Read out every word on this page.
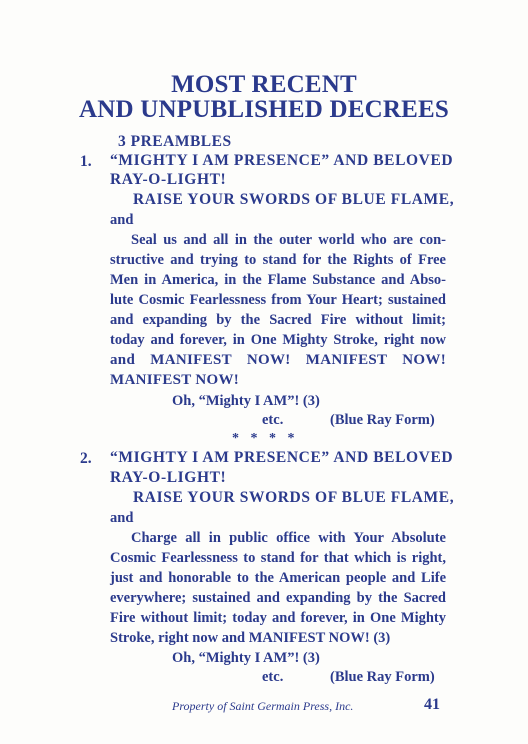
MOST RECENT
AND UNPUBLISHED DECREES
3 PREAMBLES
1. “MIGHTY I AM PRESENCE” AND BELOVED
RAY-O-LIGHT!
RAISE YOUR SWORDS OF BLUE FLAME,
and
Seal us and all in the outer world who are con-
structive and trying to stand for the Rights of Free
Men in America, in the Flame Substance and Abso-
lute Cosmic Fearlessness from Your Heart; sustained
and expanding by the Sacred Fire without limit;
today and forever, in One Mighty Stroke, right now
and MANIFEST NOW! MANIFEST NOW!
MANIFEST NOW!
Oh, “Mighty I AM”! (3)
etc.	(Blue Ray Form)
* * * *
2. “MIGHTY I AM PRESENCE” AND BELOVED
RAY-O-LIGHT!
RAISE YOUR SWORDS OF BLUE FLAME,
and
Charge all in public office with Your Absolute
Cosmic Fearlessness to stand for that which is right,
just and honorable to the American people and Life
everywhere; sustained and expanding by the Sacred
Fire without limit; today and forever, in One Mighty
Stroke, right now and MANIFEST NOW! (3)
Oh, “Mighty I AM”! (3)
etc.	(Blue Ray Form)
Property of Saint Germain Press, Inc.	41
